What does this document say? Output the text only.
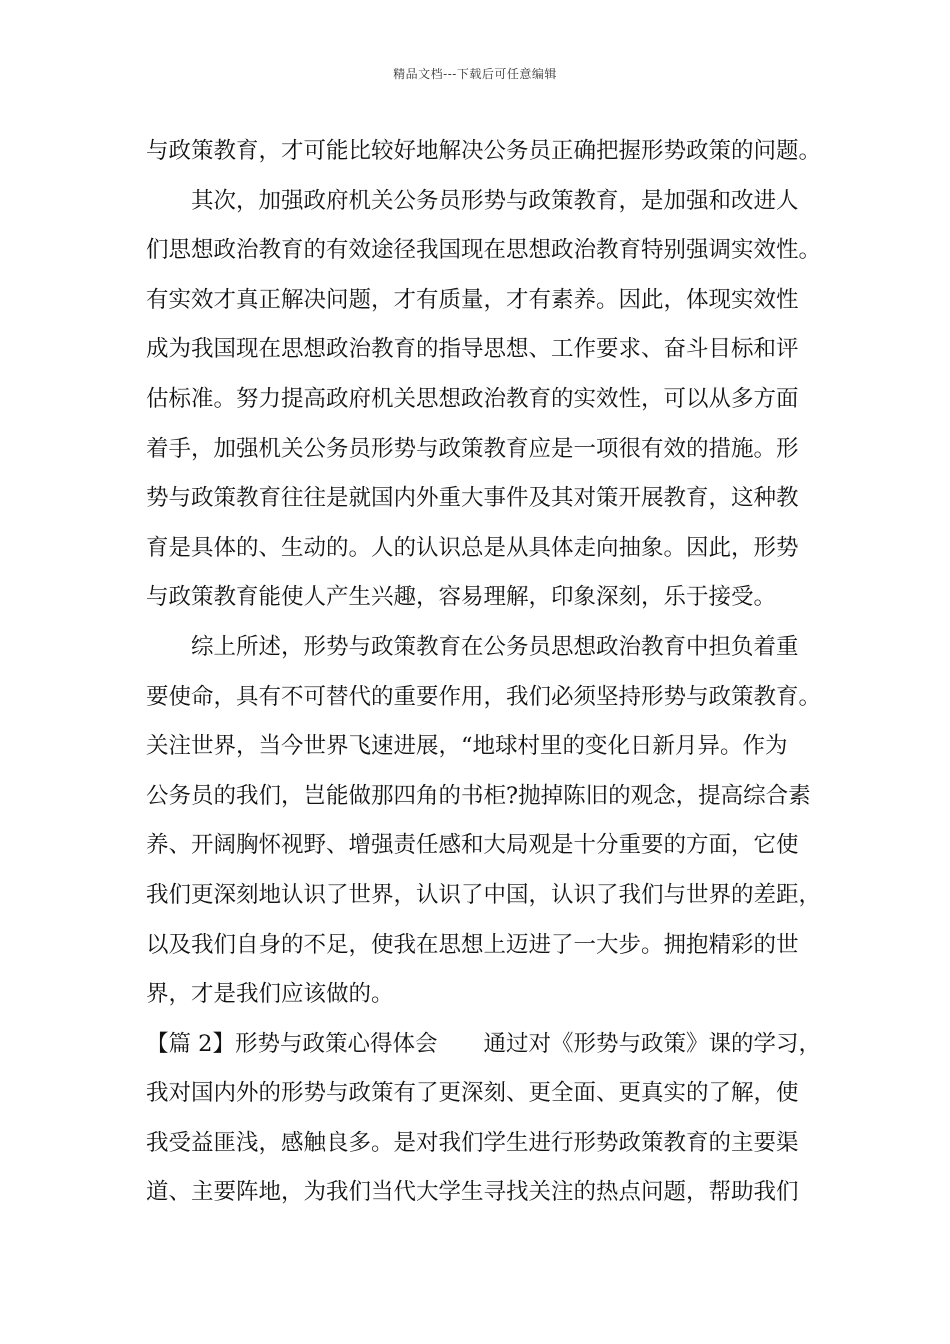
精品文档---下载后可任意编辑
与政策教育，才可能比较好地解决公务员正确把握形势政策的问题。
其次，加强政府机关公务员形势与政策教育，是加强和改进人
们思想政治教育的有效途径我国现在思想政治教育特别强调实效性。
有实效才真正解决问题，才有质量，才有素养。因此，体现实效性
成为我国现在思想政治教育的指导思想、工作要求、奋斗目标和评
估标准。努力提高政府机关思想政治教育的实效性，可以从多方面
着手，加强机关公务员形势与政策教育应是一项很有效的措施。形
势与政策教育往往是就国内外重大事件及其对策开展教育，这种教
育是具体的、生动的。人的认识总是从具体走向抽象。因此，形势
与政策教育能使人产生兴趣，容易理解，印象深刻，乐于接受。
综上所述，形势与政策教育在公务员思想政治教育中担负着重
要使命，具有不可替代的重要作用，我们必须坚持形势与政策教育。
关注世界，当今世界飞速进展，“地球村里的变化日新月异。作为
公务员的我们，岂能做那四角的书柜?抛掉陈旧的观念，提高综合素
养、开阔胸怀视野、增强责任感和大局观是十分重要的方面，它使
我们更深刻地认识了世界，认识了中国，认识了我们与世界的差距，
以及我们自身的不足，使我在思想上迈进了一大步。拥抱精彩的世
界，才是我们应该做的。
【篇 2】形势与政策心得体会 通过对《形势与政策》课的学习，
我对国内外的形势与政策有了更深刻、更全面、更真实的了解，使
我受益匪浅，感触良多。是对我们学生进行形势政策教育的主要渠
道、主要阵地，为我们当代大学生寻找关注的热点问题，帮助我们
